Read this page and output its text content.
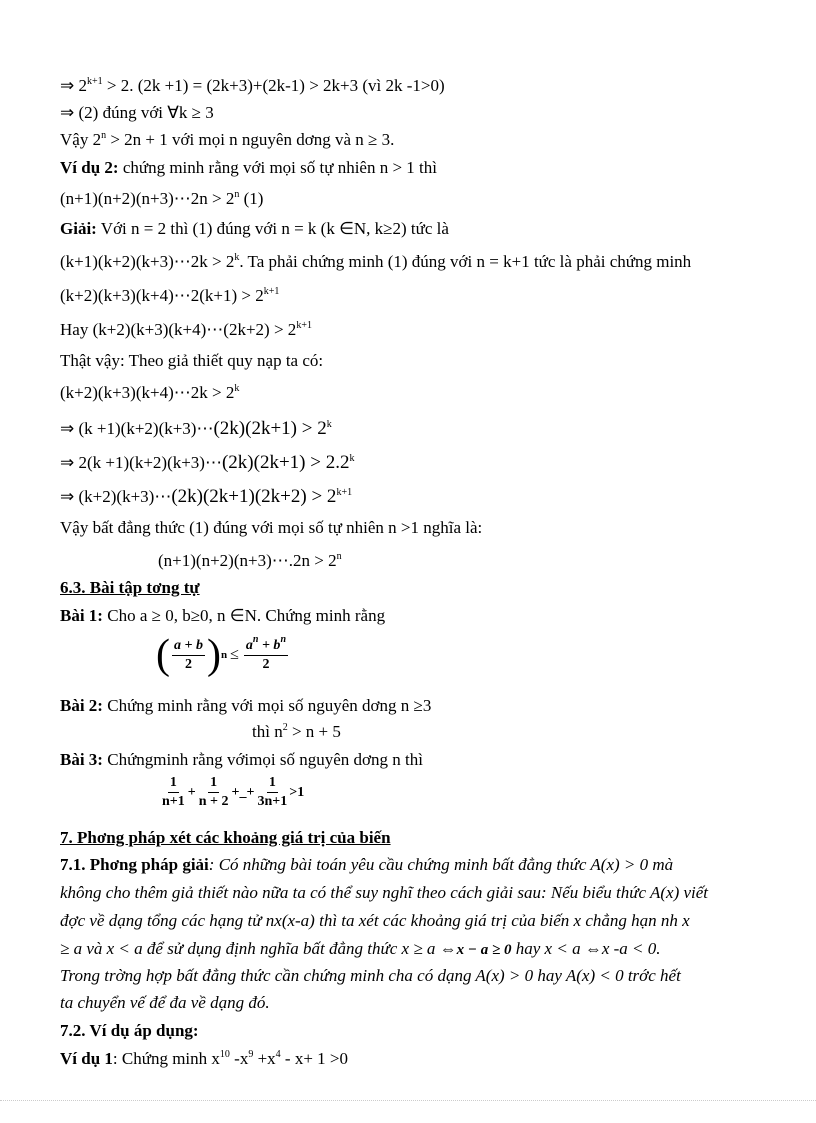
⇒ $2^{k+1} > 2$. (2k +1) = (2k+3)+(2k-1) > 2k+3 (vì 2k -1>0)
⇒ (2) đúng với ∀k ≥ 3
Vậy $2^n > 2n + 1$ với mọi n nguyên dơng và n ≥ 3.
Ví dụ 2: chứng minh rằng với mọi số tự nhiên n > 1 thì
(n+1)(n+2)(n+3)⋯2n > $2^n$ (1)
Giải: Với n = 2 thì (1) đúng với n = k (k ∈N, k≥2) tức là
(k+1)(k+2)(k+3)⋯2k > $2^k$. Ta phải chứng minh (1) đúng với n = k+1 tức là phải chứng minh
(k+2)(k+3)(k+4)⋯2(k+1) > $2^{k+1}$
Hay (k+2)(k+3)(k+4)⋯(2k+2) > $2^{k+1}$
Thật vậy: Theo giả thiết quy nạp ta có:
(k+2)(k+3)(k+4)⋯2k > $2^k$
⇒ (k +1)(k+2)(k+3)⋯(2k)(2k+1) > $2^k$
⇒ 2(k +1)(k+2)(k+3)⋯(2k)(2k+1) > $2.2^k$
⇒ (k+2)(k+3)⋯(2k)(2k+1)(2k+2) > $2^{k+1}$
Vậy bất đẳng thức (1) đúng với mọi số tự nhiên n >1 nghĩa là:
(n+1)(n+2)(n+3)⋯.2n > $2^n$
6.3. Bài tập tơng tự
Bài 1: Cho a ≥ 0, b≥0, n ∈N. Chứng minh rằng
( $\frac{a + b}{2}$ ) $n \le \frac{a^n + b^n}{2}$
Bài 2: Chứng minh rằng với mọi số nguyên dơng n ≥3
thì $n^2 > n + 5$
Bài 3: Chứngminh rằng vớimọi số nguyên dơng n thì
$\frac{1}{n+1} + \frac{1}{n + 2}$ +_+ $\frac{1}{3n+1} >1$
7. Phơng pháp xét các khoảng giá trị của biến
7.1. Phơng pháp giải: Có những bài toán yêu cầu chứng minh bất đẳng thức A(x) > 0 mà
không cho thêm giả thiết nào nữa ta có thể suy nghĩ theo cách giải sau: Nếu biểu thức A(x) viết
đợc về dạng tổng các hạng tử nx(x-a) thì ta xét các khoảng giá trị của biến x chẳng hạn nh x
≥ a và x < a để sử dụng định nghĩa bất đẳng thức x ≥ a ⇔x − a ≥ 0 hay x < a ⇔x -a < 0.
Trong trờng hợp bất đẳng thức cần chứng minh cha có dạng A(x) > 0 hay A(x) < 0 trớc hết
ta chuyển vế để đa về dạng đó.
7.2. Ví dụ áp dụng:
Ví dụ 1: Chứng minh $x^{10}$ $-x^9 +x^4 - x+ 1 >0$
